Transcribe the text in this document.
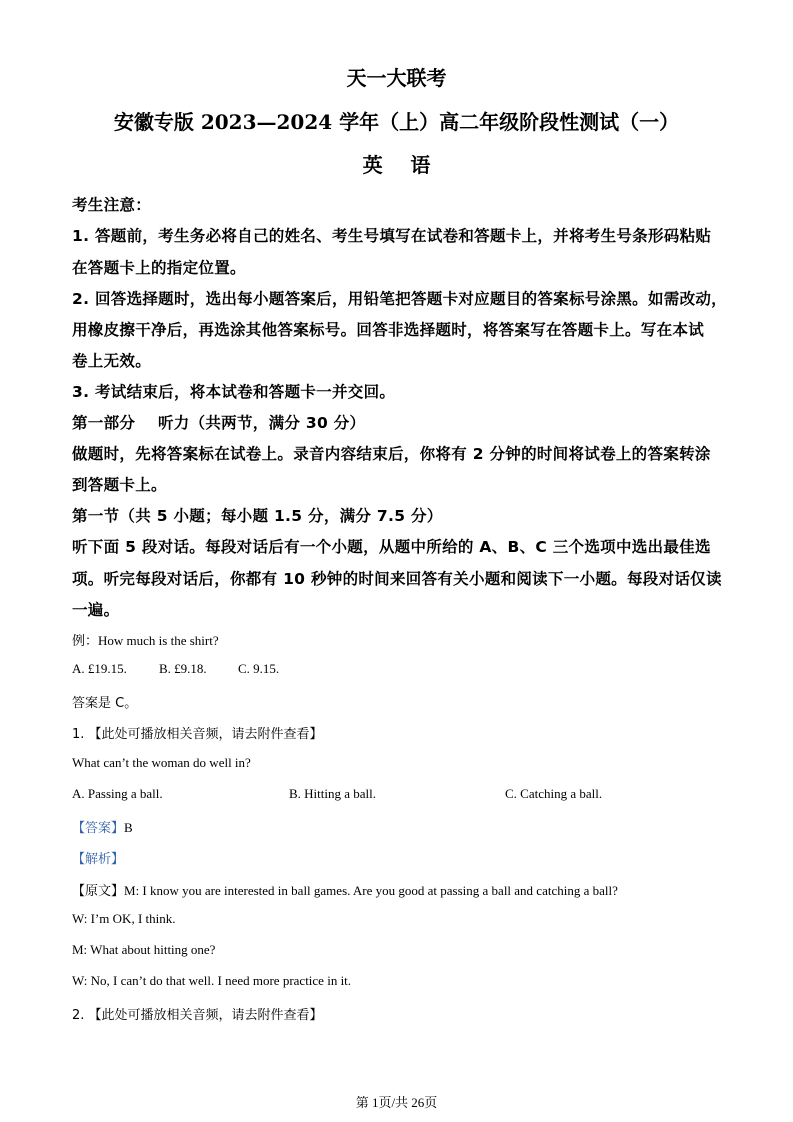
天一大联考
安徽专版 2023—2024 学年（上）高二年级阶段性测试（一）
英    语
考生注意：
1. 答题前，考生务必将自己的姓名、考生号填写在试卷和答题卡上，并将考生号条形码粘贴
在答题卡上的指定位置。
2. 回答选择题时，选出每小题答案后，用铅笔把答题卡对应题目的答案标号涂黑。如需改动，
用橡皮擦干净后，再选涂其他答案标号。回答非选择题时，将答案写在答题卡上。写在本试
卷上无效。
3. 考试结束后，将本试卷和答题卡一并交回。
第一部分    听力（共两节，满分 30 分）
做题时，先将答案标在试卷上。录音内容结束后，你将有 2 分钟的时间将试卷上的答案转涂
到答题卡上。
第一节（共 5 小题；每小题 1.5 分，满分 7.5 分）
听下面 5 段对话。每段对话后有一个小题，从题中所给的 A、B、C 三个选项中选出最佳选
项。听完每段对话后，你都有 10 秒钟的时间来回答有关小题和阅读下一小题。每段对话仅读
一遍。
例：How much is the shirt?
A. £19.15. B. £9.18. C. 9.15.
答案是 C。
1. 【此处可播放相关音频，请去附件查看】
What can’t the woman do well in?
A. Passing a ball.	B. Hitting a ball.	C. Catching a ball.
【答案】B
【解析】
【原文】M: I know you are interested in ball games. Are you good at passing a ball and catching a ball?
W: I’m OK, I think.
M: What about hitting one?
W: No, I can’t do that well. I need more practice in it.
2. 【此处可播放相关音频，请去附件查看】
第 1页/共 26页
